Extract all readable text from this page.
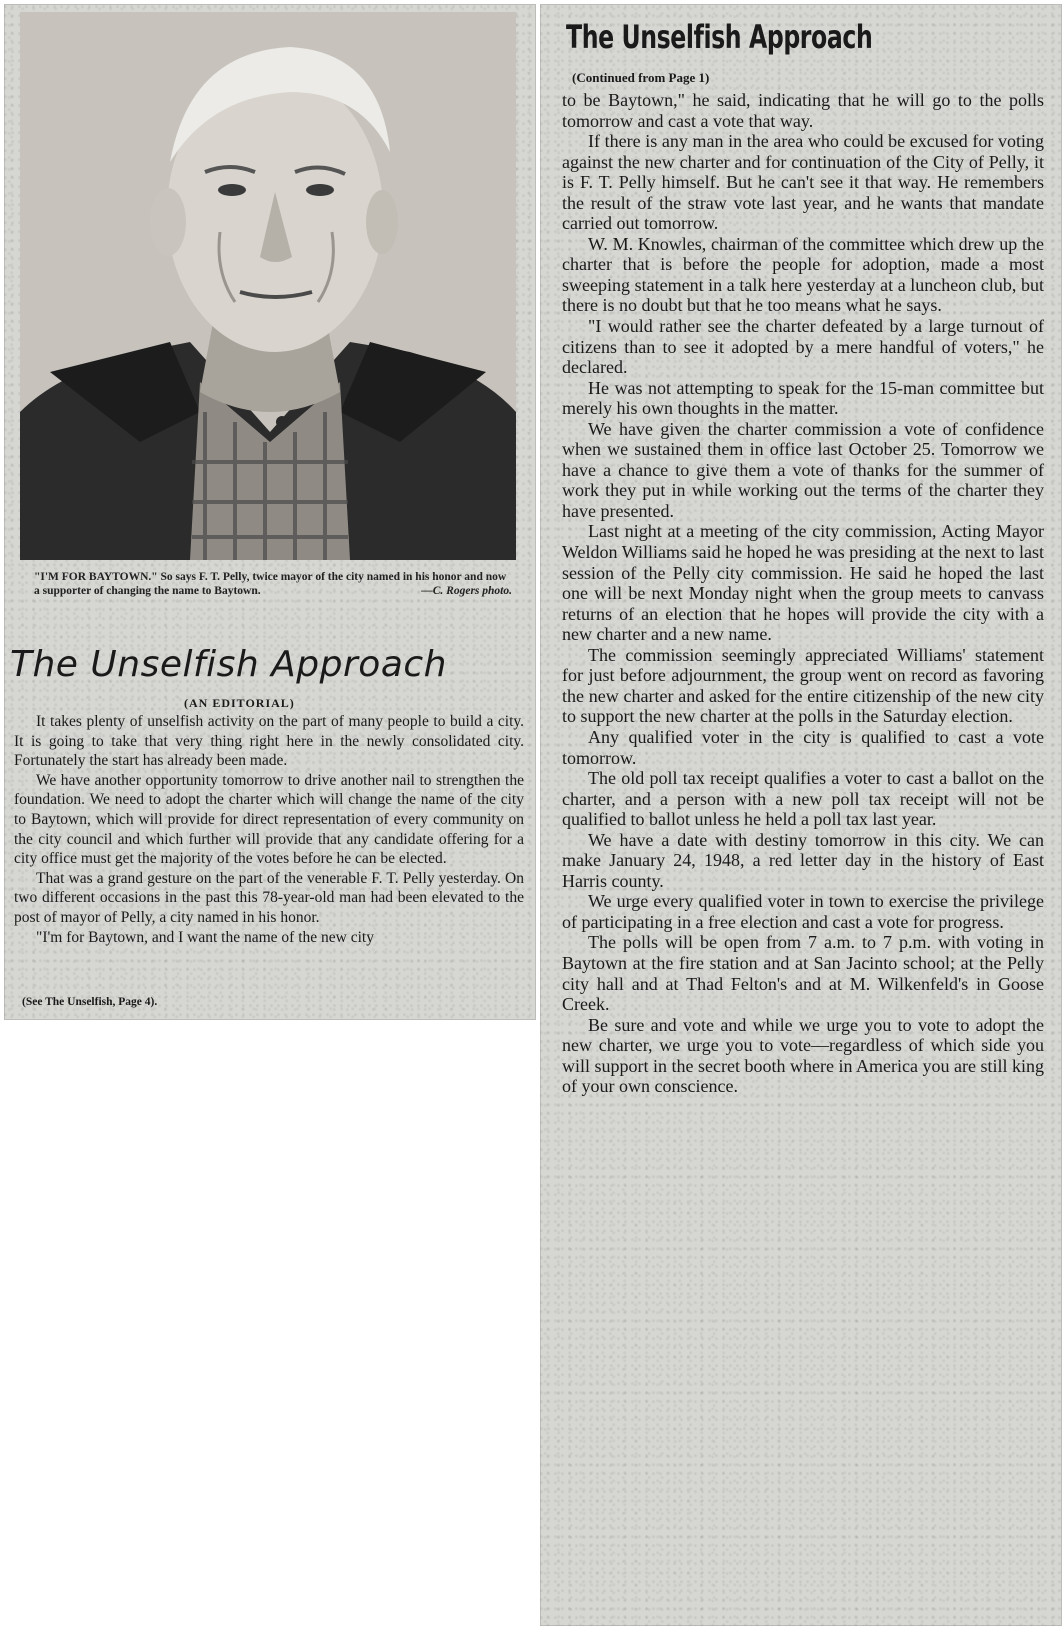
"I'M FOR BAYTOWN." So says F. T. Pelly, twice mayor of the city named in his honor and now a supporter of changing the name to Baytown.	—C. Rogers photo.
The Unselfish Approach
(AN EDITORIAL)

It takes plenty of unselfish activity on the part of many people to build a city. It is going to take that very thing right here in the newly consolidated city. Fortunately the start has already been made.

We have another opportunity tomorrow to drive another nail to strengthen the foundation. We need to adopt the charter which will change the name of the city to Baytown, which will provide for direct representation of every community on the city council and which further will provide that any candidate offering for a city office must get the majority of the votes before he can be elected.

That was a grand gesture on the part of the venerable F. T. Pelly yesterday. On two different occasions in the past this 78-year-old man had been elevated to the post of mayor of Pelly, a city named in his honor.

"I'm for Baytown, and I want the name of the new city

(See The Unselfish, Page 4).
The Unselfish Approach
(Continued from Page 1)

to be Baytown," he said, indicating that he will go to the polls tomorrow and cast a vote that way.

If there is any man in the area who could be excused for voting against the new charter and for continuation of the City of Pelly, it is F. T. Pelly himself. But he can't see it that way. He remembers the result of the straw vote last year, and he wants that mandate carried out tomorrow.

W. M. Knowles, chairman of the committee which drew up the charter that is before the people for adoption, made a most sweeping statement in a talk here yesterday at a luncheon club, but there is no doubt but that he too means what he says.

"I would rather see the charter defeated by a large turnout of citizens than to see it adopted by a mere handful of voters," he declared.

He was not attempting to speak for the 15-man committee but merely his own thoughts in the matter.

We have given the charter commission a vote of confidence when we sustained them in office last October 25. Tomorrow we have a chance to give them a vote of thanks for the summer of work they put in while working out the terms of the charter they have presented.

Last night at a meeting of the city commission, Acting Mayor Weldon Williams said he hoped he was presiding at the next to last session of the Pelly city commission. He said he hoped the last one will be next Monday night when the group meets to canvass returns of an election that he hopes will provide the city with a new charter and a new name.

The commission seemingly appreciated Williams' statement for just before adjournment, the group went on record as favoring the new charter and asked for the entire citizenship of the new city to support the new charter at the polls in the Saturday election.

Any qualified voter in the city is qualified to cast a vote tomorrow.

The old poll tax receipt qualifies a voter to cast a ballot on the charter, and a person with a new poll tax receipt will not be qualified to ballot unless he held a poll tax last year.

We have a date with destiny tomorrow in this city. We can make January 24, 1948, a red letter day in the history of East Harris county.

We urge every qualified voter in town to exercise the privilege of participating in a free election and cast a vote for progress.

The polls will be open from 7 a.m. to 7 p.m. with voting in Baytown at the fire station and at San Jacinto school; at the Pelly city hall and at Thad Felton's and at M. Wilkenfeld's in Goose Creek.

Be sure and vote and while we urge you to vote to adopt the new charter, we urge you to vote—regardless of which side you will support in the secret booth where in America you are still king of your own conscience.
